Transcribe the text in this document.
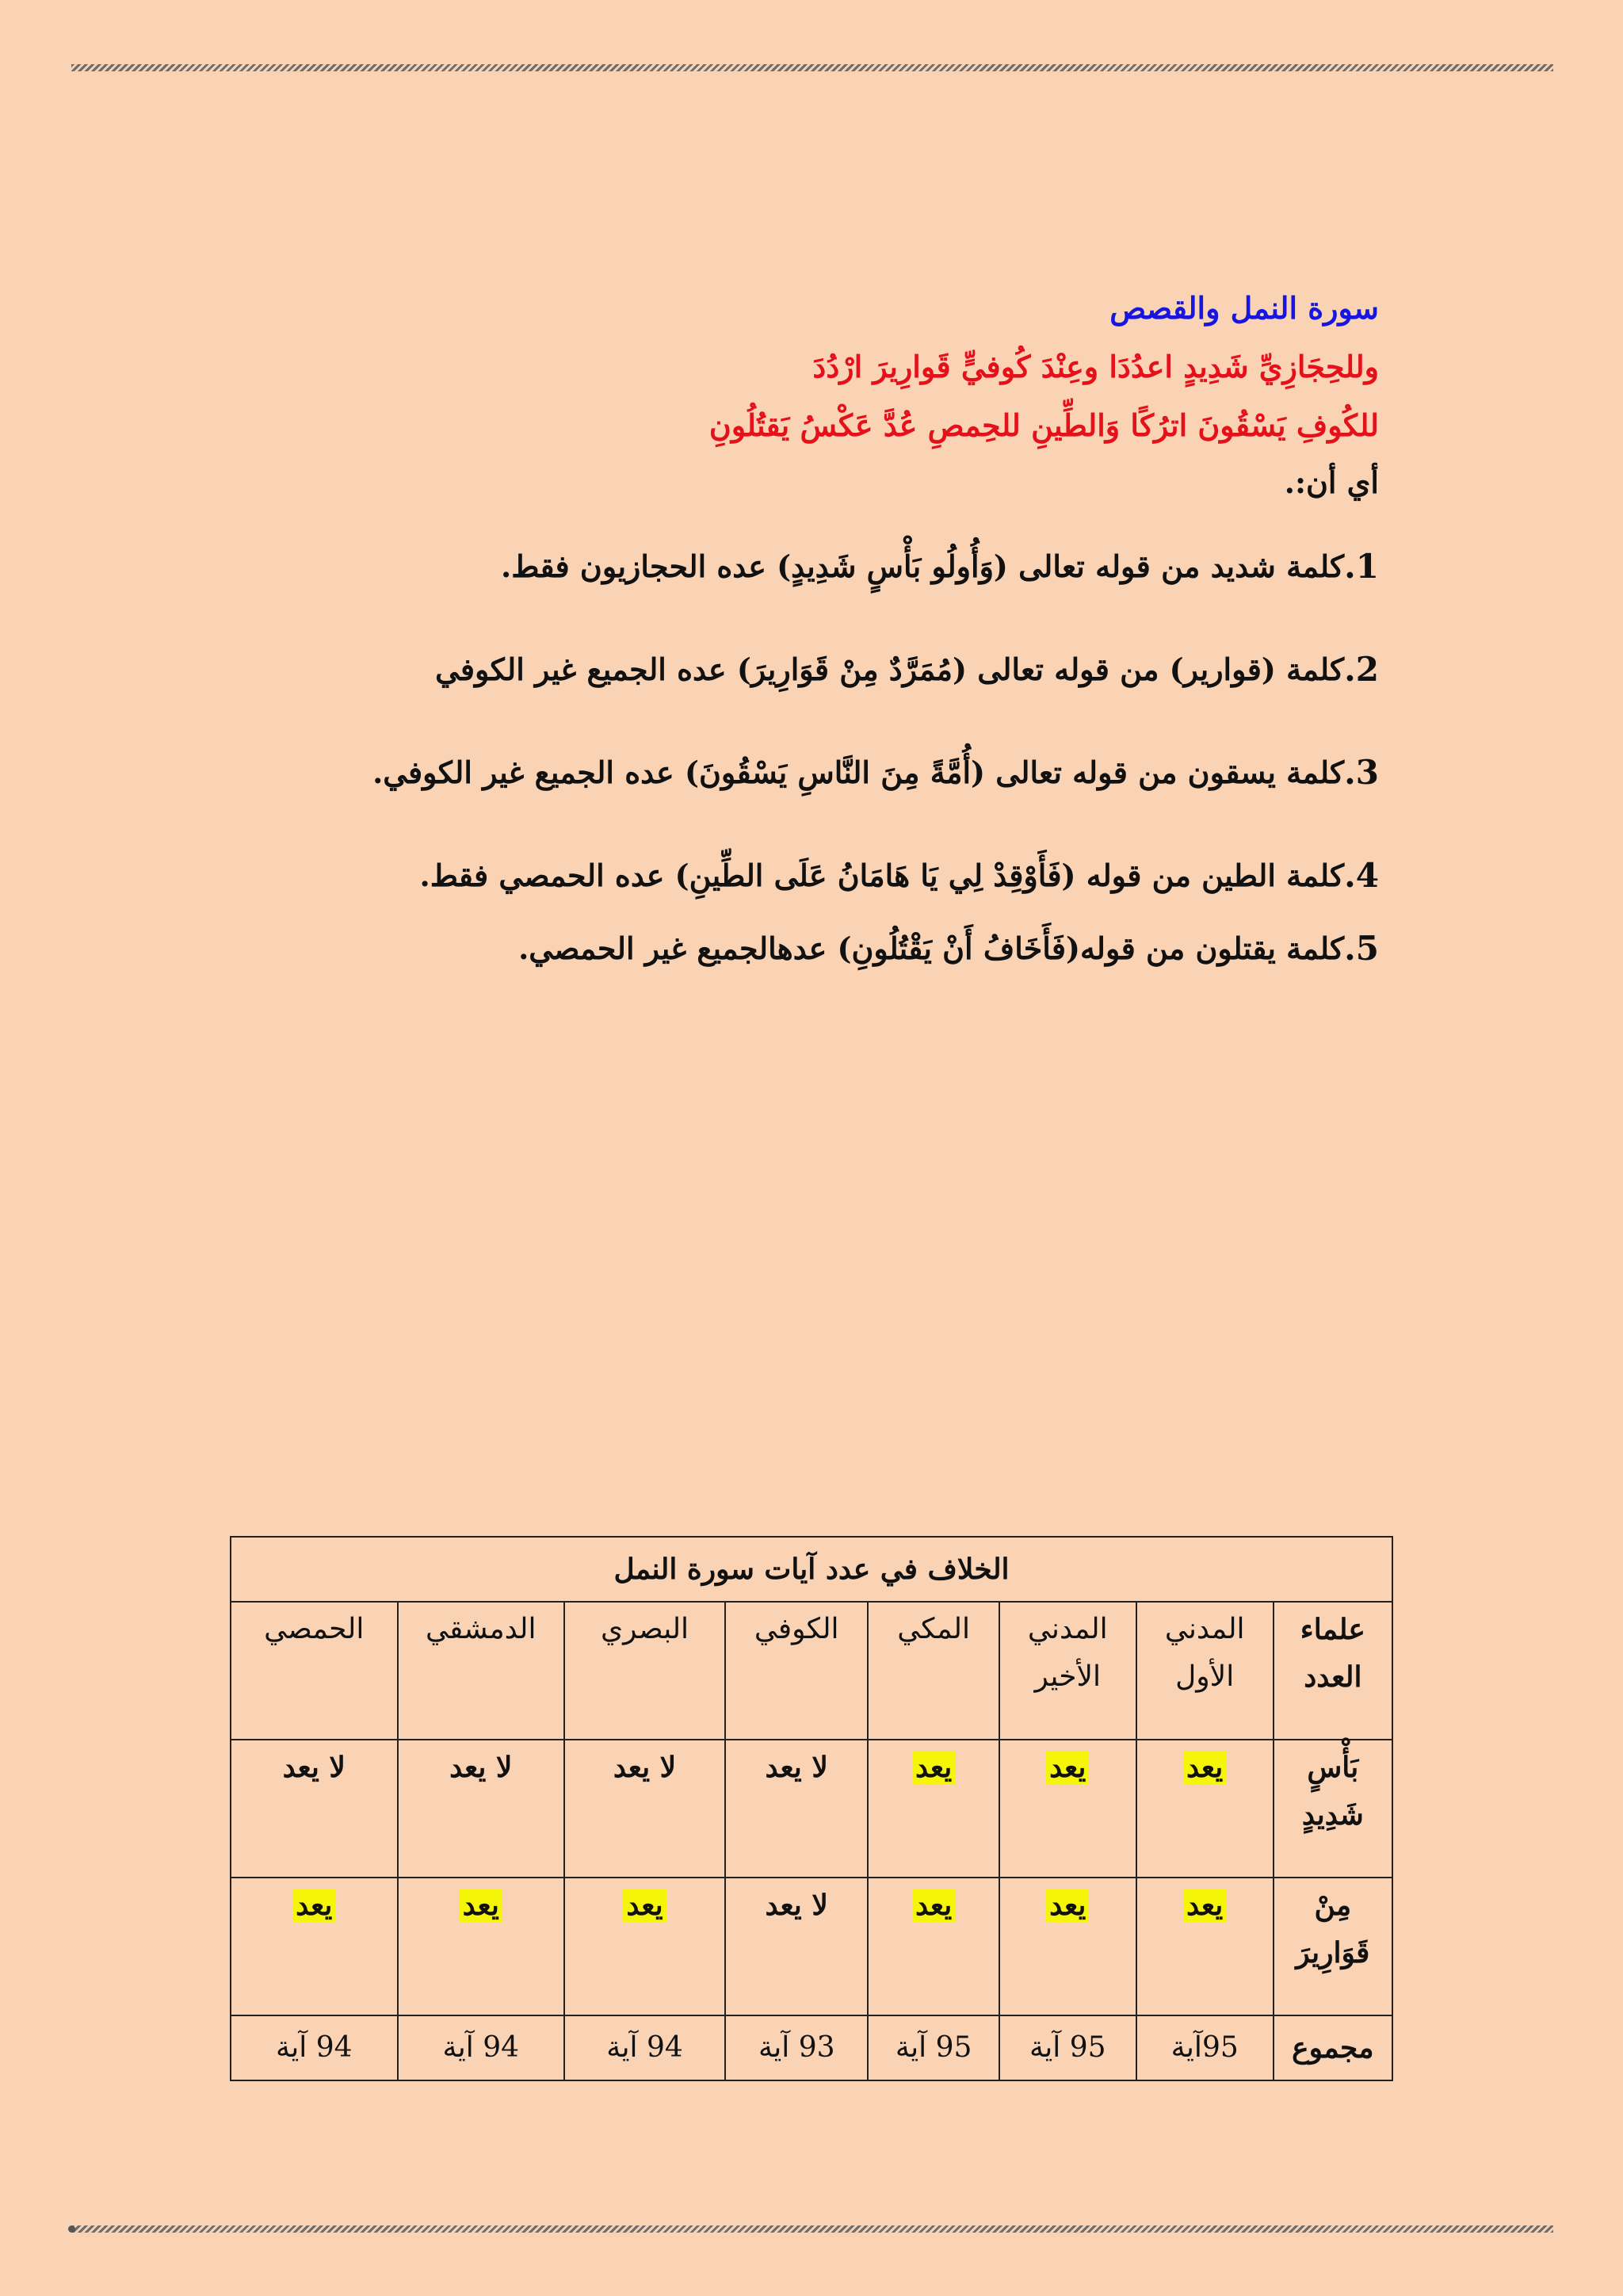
سورة النمل والقصص
وللحِجَازِيِّ شَدِيدٍ اعدُدَا وعِنْدَ كُوفيٍّ قَوارِيرَ ارْدُدَ
للكُوفِ يَسْقُونَ اترُكًا وَالطِّينِ للحِمصِ عُدَّ عَكْسُ يَقتُلُونِ
أي أن:.
1.
كلمة شديد من قوله تعالى (وَأُولُو بَأْسٍ شَدِيدٍ) عده الحجازيون فقط.
2.
كلمة (قوارير) من قوله تعالى (مُمَرَّدٌ مِنْ قَوَارِيرَ) عده الجميع غير الكوفي
3.
كلمة يسقون من قوله تعالى (أُمَّةً مِنَ النَّاسِ يَسْقُونَ) عده الجميع غير الكوفي.
4.
كلمة الطين من قوله (فَأَوْقِدْ لِي يَا هَامَانُ عَلَى الطِّينِ) عده الحمصي فقط.
5.
كلمة يقتلون من قوله(فَأَخَافُ أَنْ يَقْتُلُونِ) عدهالجميع غير الحمصي.
الخلاف في عدد آيات سورة النمل							
علماء العدد	المدني الأول	المدني الأخير	المكي	الكوفي	البصري	الدمشقي	الحمصي
بَأْسٍ شَدِيدٍ	يعد	يعد	يعد	لا يعد	لا يعد	لا يعد	لا يعد
مِنْ قَوَارِيرَ	يعد	يعد	يعد	لا يعد	يعد	يعد	يعد
مجموع	95آية	95 آية	95 آية	93 آية	94 آية	94 آية	94 آية
